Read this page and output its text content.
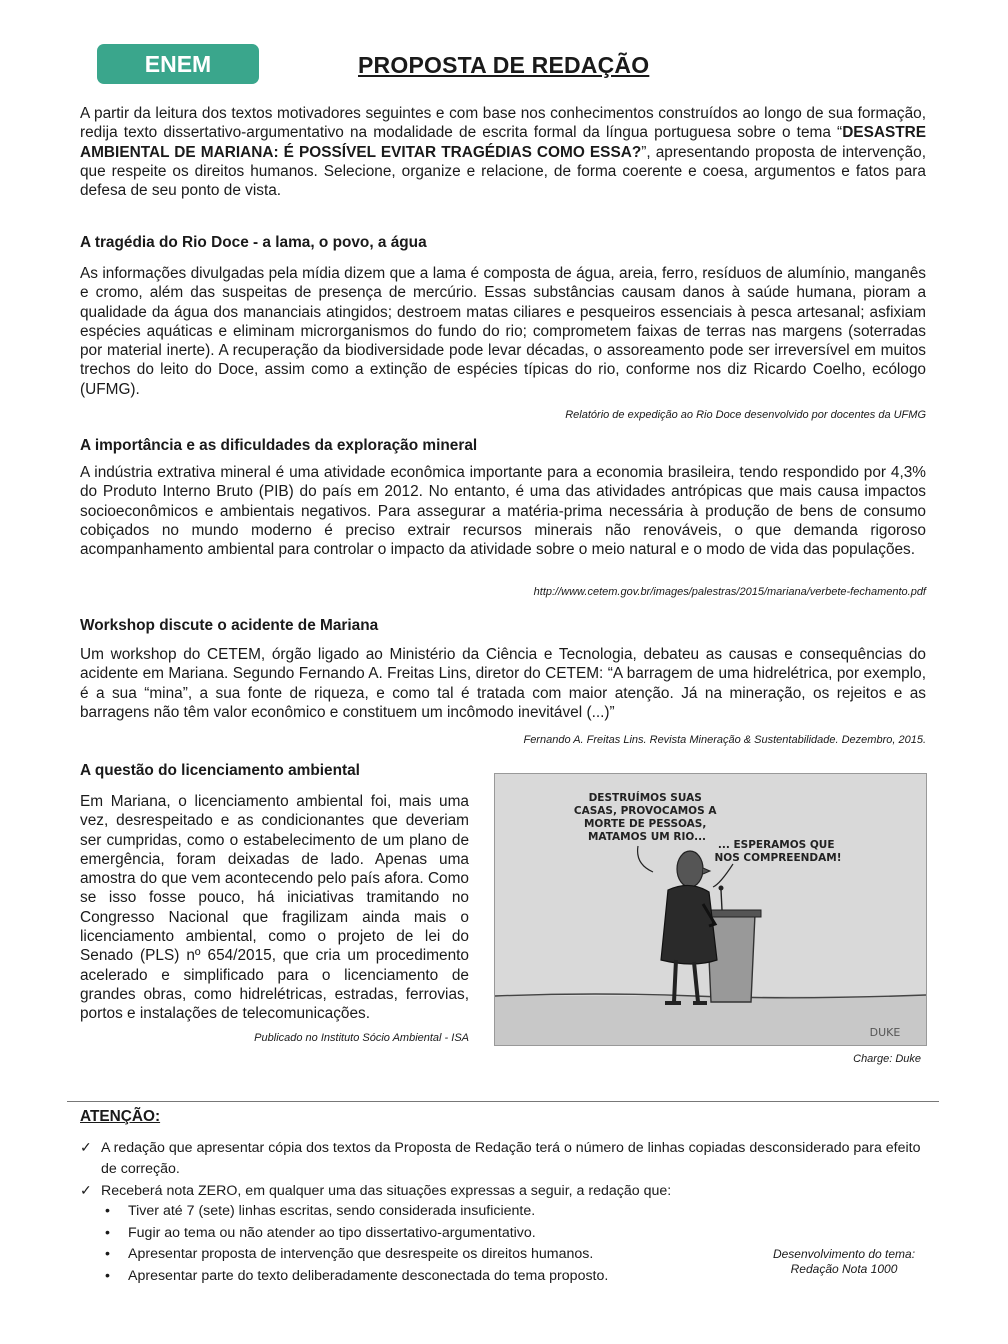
ENEM	PROPOSTA DE REDAÇÃO

A partir da leitura dos textos motivadores seguintes e com base nos conhecimentos construídos ao longo de sua formação, redija texto dissertativo-argumentativo na modalidade de escrita formal da língua portuguesa sobre o tema “DESASTRE AMBIENTAL DE MARIANA: É POSSÍVEL EVITAR TRAGÉDIAS COMO ESSA?”, apresentando proposta de intervenção, que respeite os direitos humanos. Selecione, organize e relacione, de forma coerente e coesa, argumentos e fatos para defesa de seu ponto de vista.

A tragédia do Rio Doce - a lama, o povo, a água

As informações divulgadas pela mídia dizem que a lama é composta de água, areia, ferro, resíduos de alumínio, manganês e cromo, além das suspeitas de presença de mercúrio. Essas substâncias causam danos à saúde humana, pioram a qualidade da água dos mananciais atingidos; destroem matas ciliares e pesqueiros essenciais à pesca artesanal; asfixiam espécies aquáticas e eliminam microrganismos do fundo do rio; comprometem faixas de terras nas margens (soterradas por material inerte). A recuperação da biodiversidade pode levar décadas, o assoreamento pode ser irreversível em muitos trechos do leito do Doce, assim como a extinção de espécies típicas do rio, conforme nos diz Ricardo Coelho, ecólogo (UFMG).

Relatório de expedição ao Rio Doce desenvolvido por docentes da UFMG

A importância e as dificuldades da exploração mineral

A indústria extrativa mineral é uma atividade econômica importante para a economia brasileira, tendo respondido por 4,3% do Produto Interno Bruto (PIB) do país em 2012. No entanto, é uma das atividades antrópicas que mais causa impactos socioeconômicos e ambientais negativos. Para assegurar a matéria-prima necessária à produção de bens de consumo cobiçados no mundo moderno é preciso extrair recursos minerais não renováveis, o que demanda rigoroso acompanhamento ambiental para controlar o impacto da atividade sobre o meio natural e o modo de vida das populações.

http://www.cetem.gov.br/images/palestras/2015/mariana/verbete-fechamento.pdf

Workshop discute o acidente de Mariana

Um workshop do CETEM, órgão ligado ao Ministério da Ciência e Tecnologia, debateu as causas e consequências do acidente em Mariana. Segundo Fernando A. Freitas Lins, diretor do CETEM: “A barragem de uma hidrelétrica, por exemplo, é a sua “mina”, a sua fonte de riqueza, e como tal é tratada com maior atenção. Já na mineração, os rejeitos e as barragens não têm valor econômico e constituem um incômodo inevitável (...)”

Fernando A. Freitas Lins. Revista Mineração & Sustentabilidade. Dezembro, 2015.

A questão do licenciamento ambiental

Em Mariana, o licenciamento ambiental foi, mais uma vez, desrespeitado e as condicionantes que deveriam ser cumpridas, como o estabelecimento de um plano de emergência, foram deixadas de lado. Apenas uma amostra do que vem acontecendo pelo país afora. Como se isso fosse pouco, há iniciativas tramitando no Congresso Nacional que fragilizam ainda mais o licenciamento ambiental, como o projeto de lei do Senado (PLS) nº 654/2015, que cria um procedimento acelerado e simplificado para o licenciamento de grandes obras, como hidrelétricas, estradas, ferrovias, portos e instalações de telecomunicações.

Publicado no Instituto Sócio Ambiental - ISA

DESTRUÍMOS SUAS CASAS, PROVOCAMOS A MORTE DE PESSOAS, MATAMOS UM RIO...
... ESPERAMOS QUE NOS COMPREENDAM!
DUKE

Charge: Duke

ATENÇÃO:
✓ A redação que apresentar cópia dos textos da Proposta de Redação terá o número de linhas copiadas desconsiderado para efeito de correção.
✓ Receberá nota ZERO, em qualquer uma das situações expressas a seguir, a redação que:
• Tiver até 7 (sete) linhas escritas, sendo considerada insuficiente.
• Fugir ao tema ou não atender ao tipo dissertativo-argumentativo.
• Apresentar proposta de intervenção que desrespeite os direitos humanos.
• Apresentar parte do texto deliberadamente desconectada do tema proposto.
Desenvolvimento do tema:
Redação Nota 1000
